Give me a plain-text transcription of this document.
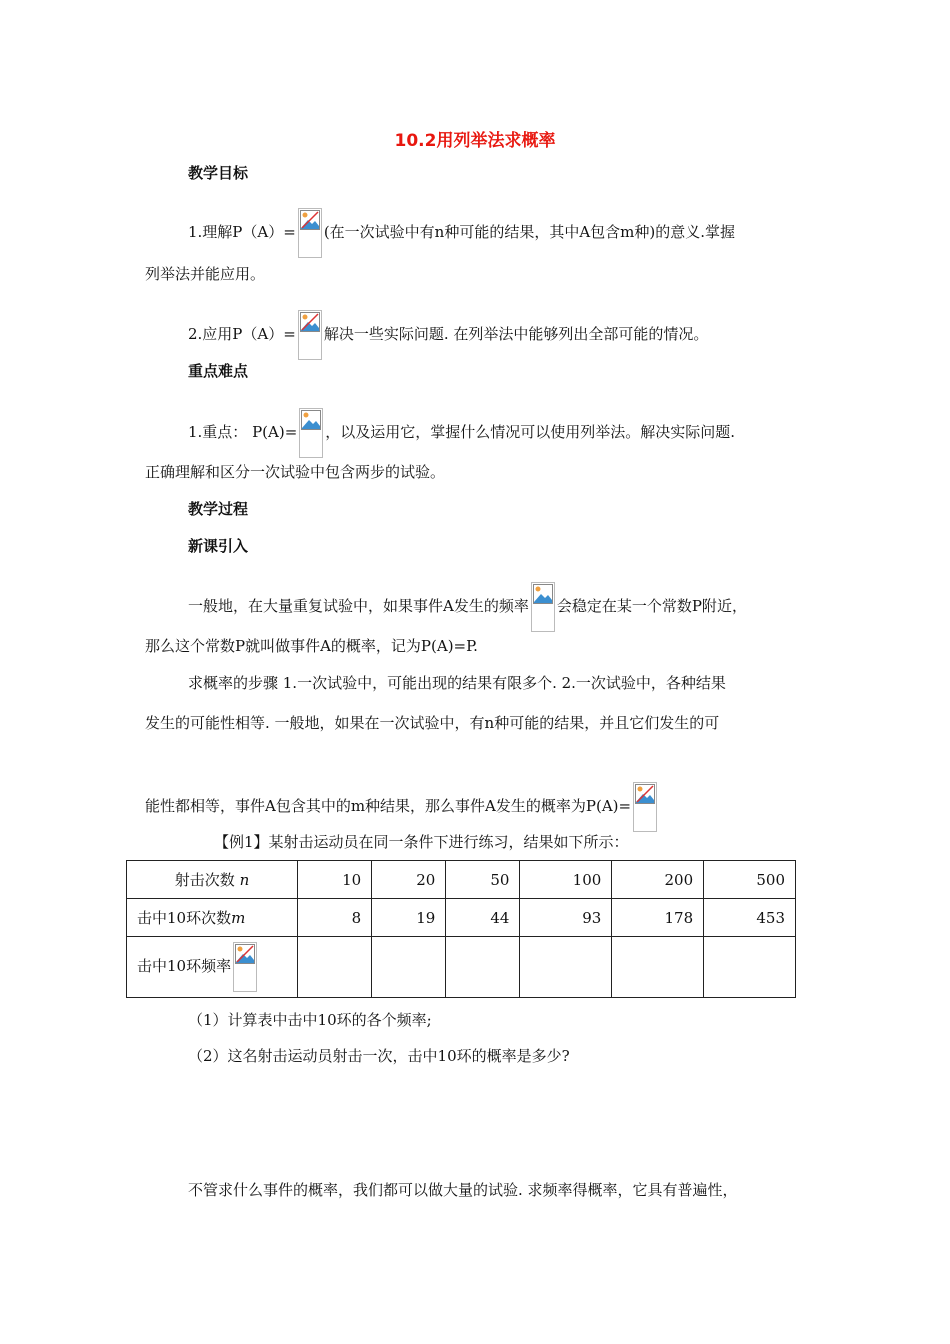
10.2用列举法求概率
教学目标
1.理解P（A）= (在一次试验中有n种可能的结果，其中A包含m种)的意义.掌握
列举法并能应用。
2.应用P（A）= 解决一些实际问题. 在列举法中能够列出全部可能的情况。
重点难点
1.重点： P(A)= ，以及运用它，掌握什么情况可以使用列举法。解决实际问题.
正确理解和区分一次试验中包含两步的试验。
教学过程
新课引入
一般地，在大量重复试验中，如果事件A发生的频率 会稳定在某一个常数P附近，
那么这个常数P就叫做事件A的概率，记为P(A)=P.
求概率的步骤 1.一次试验中，可能出现的结果有限多个. 2.一次试验中，各种结果
发生的可能性相等. 一般地，如果在一次试验中，有n种可能的结果，并且它们发生的可
能性都相等，事件A包含其中的m种结果，那么事件A发生的概率为P(A)=
【例1】某射击运动员在同一条件下进行练习，结果如下所示：
射击次数 n	10	20	50	100	200	500
击中10环次数m	8	19	44	93	178	453
击中10环频率

（1）计算表中击中10环的各个频率;
（2）这名射击运动员射击一次，击中10环的概率是多少?
不管求什么事件的概率，我们都可以做大量的试验. 求频率得概率，它具有普遍性，
